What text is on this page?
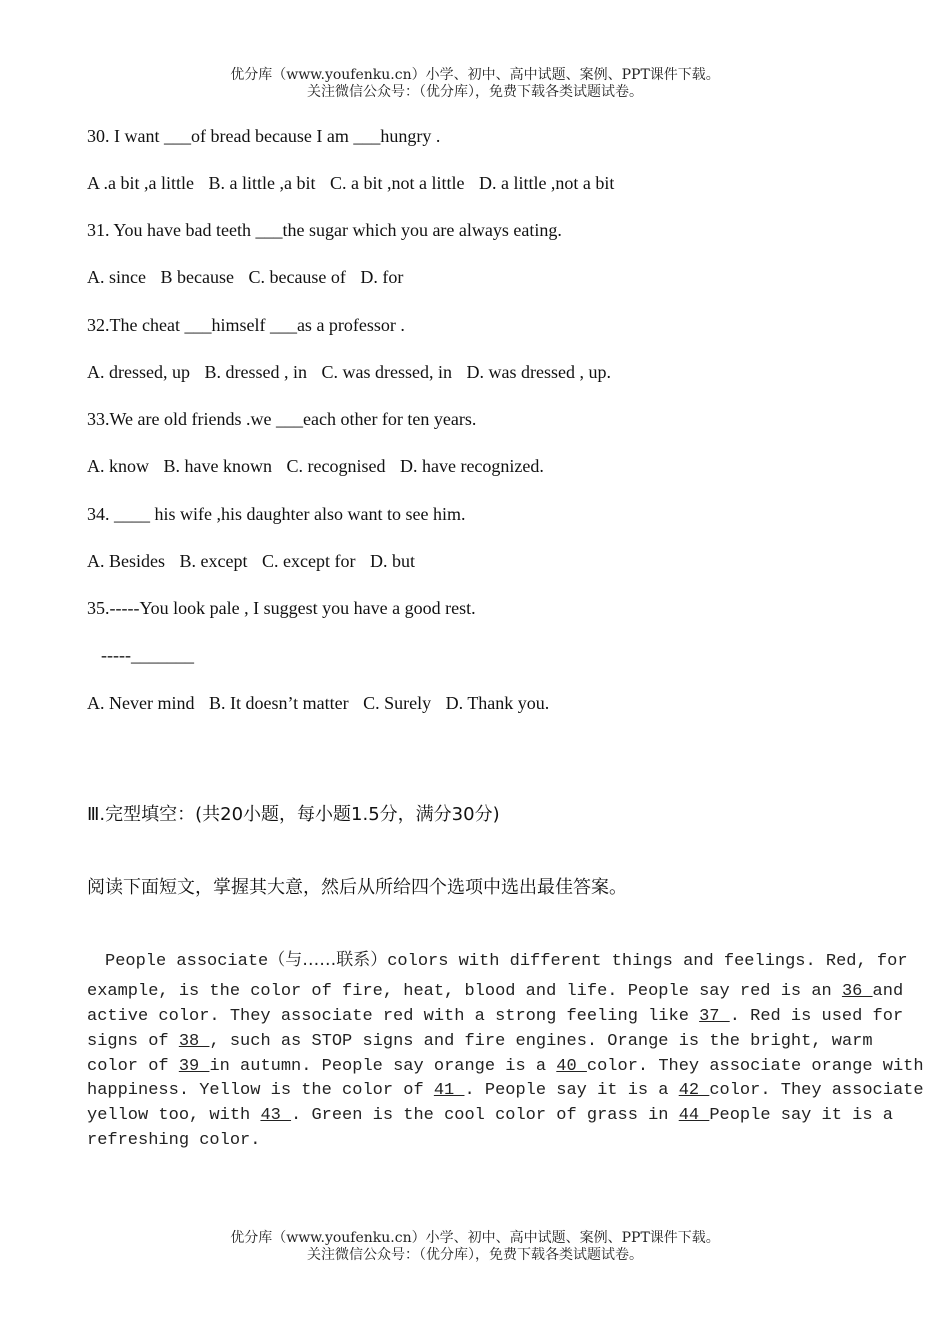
优分库（www.youfenku.cn）小学、初中、高中试题、案例、PPT课件下载。
关注微信公众号：（优分库），免费下载各类试题试卷。
30. I want ___of bread because I am ___hungry .
A .a bit ,a little B. a little ,a bit C. a bit ,not a little D. a little ,not a bit
31. You have bad teeth ___the sugar which you are always eating.
A. since B because C. because of D. for
32.The cheat ___himself ___as a professor .
A. dressed, up B. dressed , in C. was dressed, in D. was dressed , up.
33.We are old friends .we ___each other for ten years.
A. know B. have known C. recognised D. have recognized.
34. ____ his wife ,his daughter also want to see him.
A. Besides B. except C. except for D. but
35.-----You look pale , I suggest you have a good rest.
-----_______
A. Never mind B. It doesn’t matter C. Surely D. Thank you.
Ⅲ.完型填空：(共20小题，每小题1.5分，满分30分)
阅读下面短文，掌握其大意，然后从所给四个选项中选出最佳答案。
People associate（与……联系）colors with different things and feelings. Red, for
example, is the color of fire, heat, blood and life. People say red is an 36 and
active color. They associate red with a strong feeling like 37 . Red is used for
signs of 38 , such as STOP signs and fire engines. Orange is the bright, warm
color of 39 in autumn. People say orange is a 40 color. They associate orange with
happiness. Yellow is the color of 41 . People say it is a 42 color. They associate
yellow too, with 43 . Green is the cool color of grass in 44 People say it is a
refreshing color.
优分库（www.youfenku.cn）小学、初中、高中试题、案例、PPT课件下载。
关注微信公众号：（优分库），免费下载各类试题试卷。
